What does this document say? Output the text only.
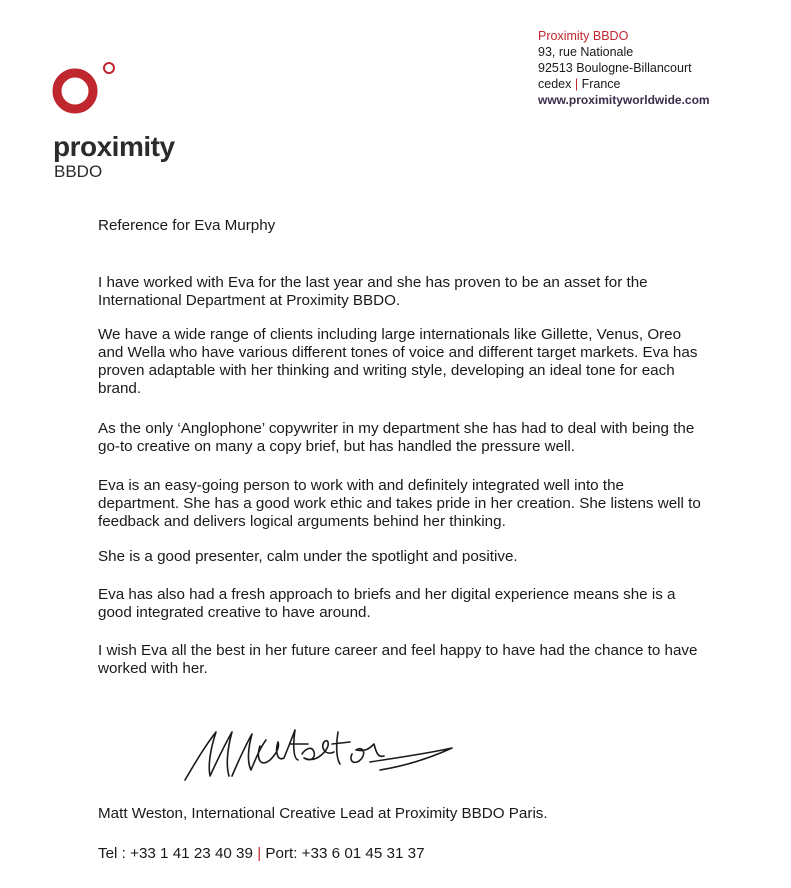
proximity
BBDO
Proximity BBDO
93, rue Nationale
92513 Boulogne-Billancourt
cedex | France
www.proximityworldwide.com
Reference for Eva Murphy

I have worked with Eva for the last year and she has proven to be an asset for the International Department at Proximity BBDO.

We have a wide range of clients including large internationals like Gillette, Venus, Oreo and Wella who have various different tones of voice and different target markets. Eva has proven adaptable with her thinking and writing style, developing an ideal tone for each brand.

As the only ‘Anglophone’ copywriter in my department she has had to deal with being the go-to creative on many a copy brief, but has handled the pressure well.

Eva is an easy-going person to work with and definitely integrated well into the department. She has a good work ethic and takes pride in her creation. She listens well to feedback and delivers logical arguments behind her thinking.

She is a good presenter, calm under the spotlight and positive.

Eva has also had a fresh approach to briefs and her digital experience means she is a good integrated creative to have around.

I wish Eva all the best in her future career and feel happy to have had the chance to have worked with her.

Matt Weston, International Creative Lead at Proximity BBDO Paris.
Tel : +33 1 41 23 40 39 | Port: +33 6 01 45 31 37
